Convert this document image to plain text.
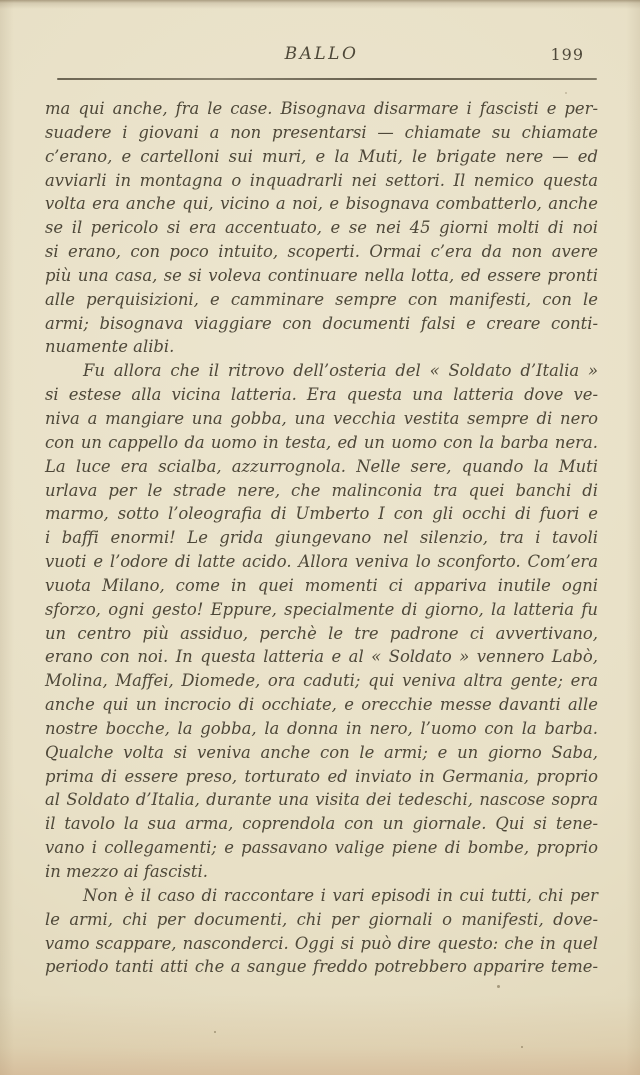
BALLO	199
ma qui anche, fra le case. Bisognava disarmare i fascisti e per-
suadere i giovani a non presentarsi — chiamate su chiamate
c’erano, e cartelloni sui muri, e la Muti, le brigate nere — ed
avviarli in montagna o inquadrarli nei settori. Il nemico questa
volta era anche qui, vicino a noi, e bisognava combatterlo, anche
se il pericolo si era accentuato, e se nei 45 giorni molti di noi
si erano, con poco intuito, scoperti. Ormai c’era da non avere
più una casa, se si voleva continuare nella lotta, ed essere pronti
alle perquisizioni, e camminare sempre con manifesti, con le
armi; bisognava viaggiare con documenti falsi e creare conti-
nuamente alibi.
Fu allora che il ritrovo dell’osteria del « Soldato d’Italia »
si estese alla vicina latteria. Era questa una latteria dove ve-
niva a mangiare una gobba, una vecchia vestita sempre di nero
con un cappello da uomo in testa, ed un uomo con la barba nera.
La luce era scialba, azzurrognola. Nelle sere, quando la Muti
urlava per le strade nere, che malinconia tra quei banchi di
marmo, sotto l’oleografia di Umberto I con gli occhi di fuori e
i baffi enormi! Le grida giungevano nel silenzio, tra i tavoli
vuoti e l’odore di latte acido. Allora veniva lo sconforto. Com’era
vuota Milano, come in quei momenti ci appariva inutile ogni
sforzo, ogni gesto! Eppure, specialmente di giorno, la latteria fu
un centro più assiduo, perchè le tre padrone ci avvertivano,
erano con noi. In questa latteria e al « Soldato » vennero Labò,
Molina, Maffei, Diomede, ora caduti; qui veniva altra gente; era
anche qui un incrocio di occhiate, e orecchie messe davanti alle
nostre bocche, la gobba, la donna in nero, l’uomo con la barba.
Qualche volta si veniva anche con le armi; e un giorno Saba,
prima di essere preso, torturato ed inviato in Germania, proprio
al Soldato d’Italia, durante una visita dei tedeschi, nascose sopra
il tavolo la sua arma, coprendola con un giornale. Qui si tene-
vano i collegamenti; e passavano valige piene di bombe, proprio
in mezzo ai fascisti.
Non è il caso di raccontare i vari episodi in cui tutti, chi per
le armi, chi per documenti, chi per giornali o manifesti, dove-
vamo scappare, nasconderci. Oggi si può dire questo: che in quel
periodo tanti atti che a sangue freddo potrebbero apparire teme-
